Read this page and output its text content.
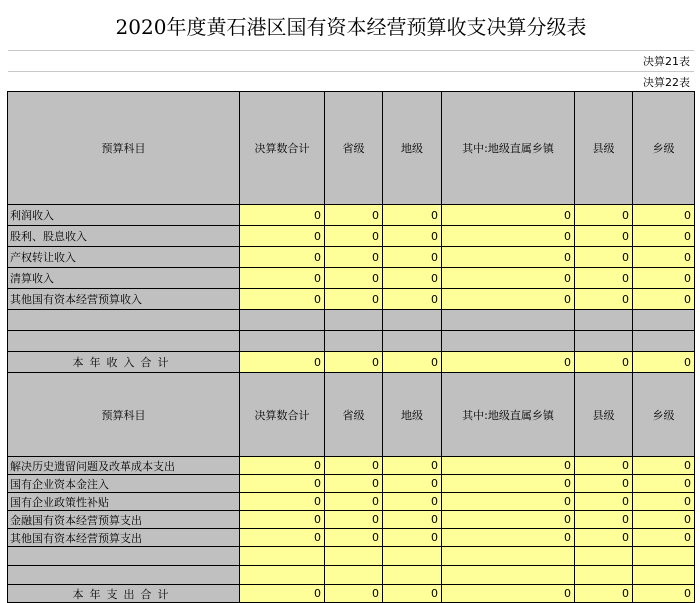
2020年度黄石港区国有资本经营预算收支决算分级表
决算21表
决算22表
预算科目	决算数合计	省级	地级	其中:地级直属乡镇	县级	乡级
利润收入	0	0	0	0	0	0
股利、股息收入	0	0	0	0	0	0
产权转让收入	0	0	0	0	0	0
清算收入	0	0	0	0	0	0
其他国有资本经营预算收入	0	0	0	0	0	0

本年收入合计	0	0	0	0	0	0
预算科目	决算数合计	省级	地级	其中:地级直属乡镇	县级	乡级
解决历史遗留问题及改革成本支出	0	0	0	0	0	0
国有企业资本金注入	0	0	0	0	0	0
国有企业政策性补贴	0	0	0	0	0	0
金融国有资本经营预算支出	0	0	0	0	0	0
其他国有资本经营预算支出	0	0	0	0	0	0

本年支出合计	0	0	0	0	0	0
